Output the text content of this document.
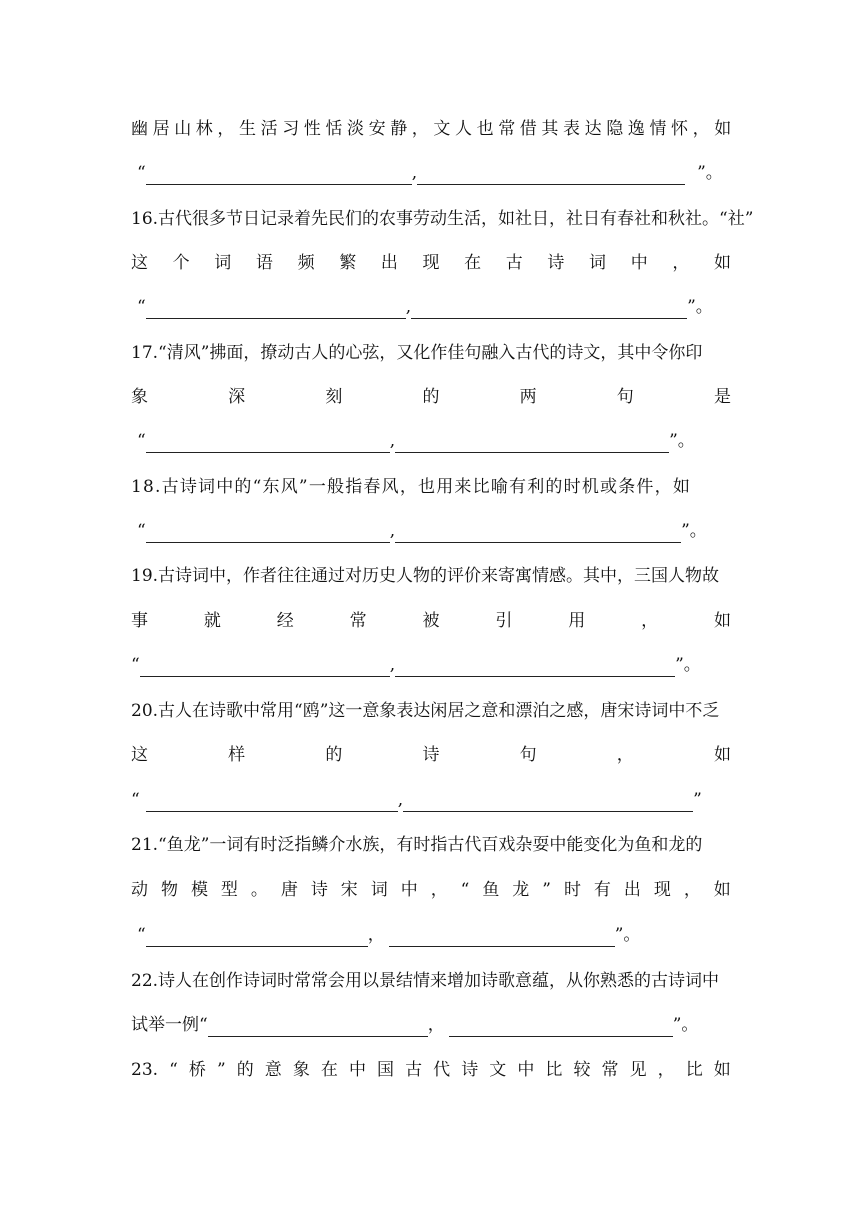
幽居山林，生活习性恬淡安静，文人也常借其表达隐逸情怀，如
“	,	”。
16.古代很多节日记录着先民们的农事劳动生活，如社日，社日有春社和秋社。“社”
这 个 词 语 频 繁 出 现 在 古 诗 词 中 ， 如
“	,	”。
17.“清风”拂面，撩动古人的心弦，又化作佳句融入古代的诗文，其中令你印
象	深	刻	的	两	句	是
“	,	”。
18.古诗词中的“东风”一般指春风，也用来比喻有利的时机或条件，如
“	,	”。
19.古诗词中，作者往往通过对历史人物的评价来寄寓情感。其中，三国人物故
事	就	经	常	被	引	用	，	如
“	,	”。
20.古人在诗歌中常用“鸥”这一意象表达闲居之意和漂泊之感，唐宋诗词中不乏
这	样	的	诗	句	，	如
“	,	”
21.“鱼龙”一词有时泛指鳞介水族，有时指古代百戏杂耍中能变化为鱼和龙的
动 物 模 型 。 唐 诗 宋 词 中 ， “ 鱼 龙 ” 时 有 出 现 ， 如
“	，	”。
22.诗人在创作诗词时常常会用以景结情来增加诗歌意蕴，从你熟悉的古诗词中
试举一例 “	，	”。
23. “ 桥 ” 的 意 象 在 中 国 古 代 诗 文 中 比 较 常 见 ， 比 如
